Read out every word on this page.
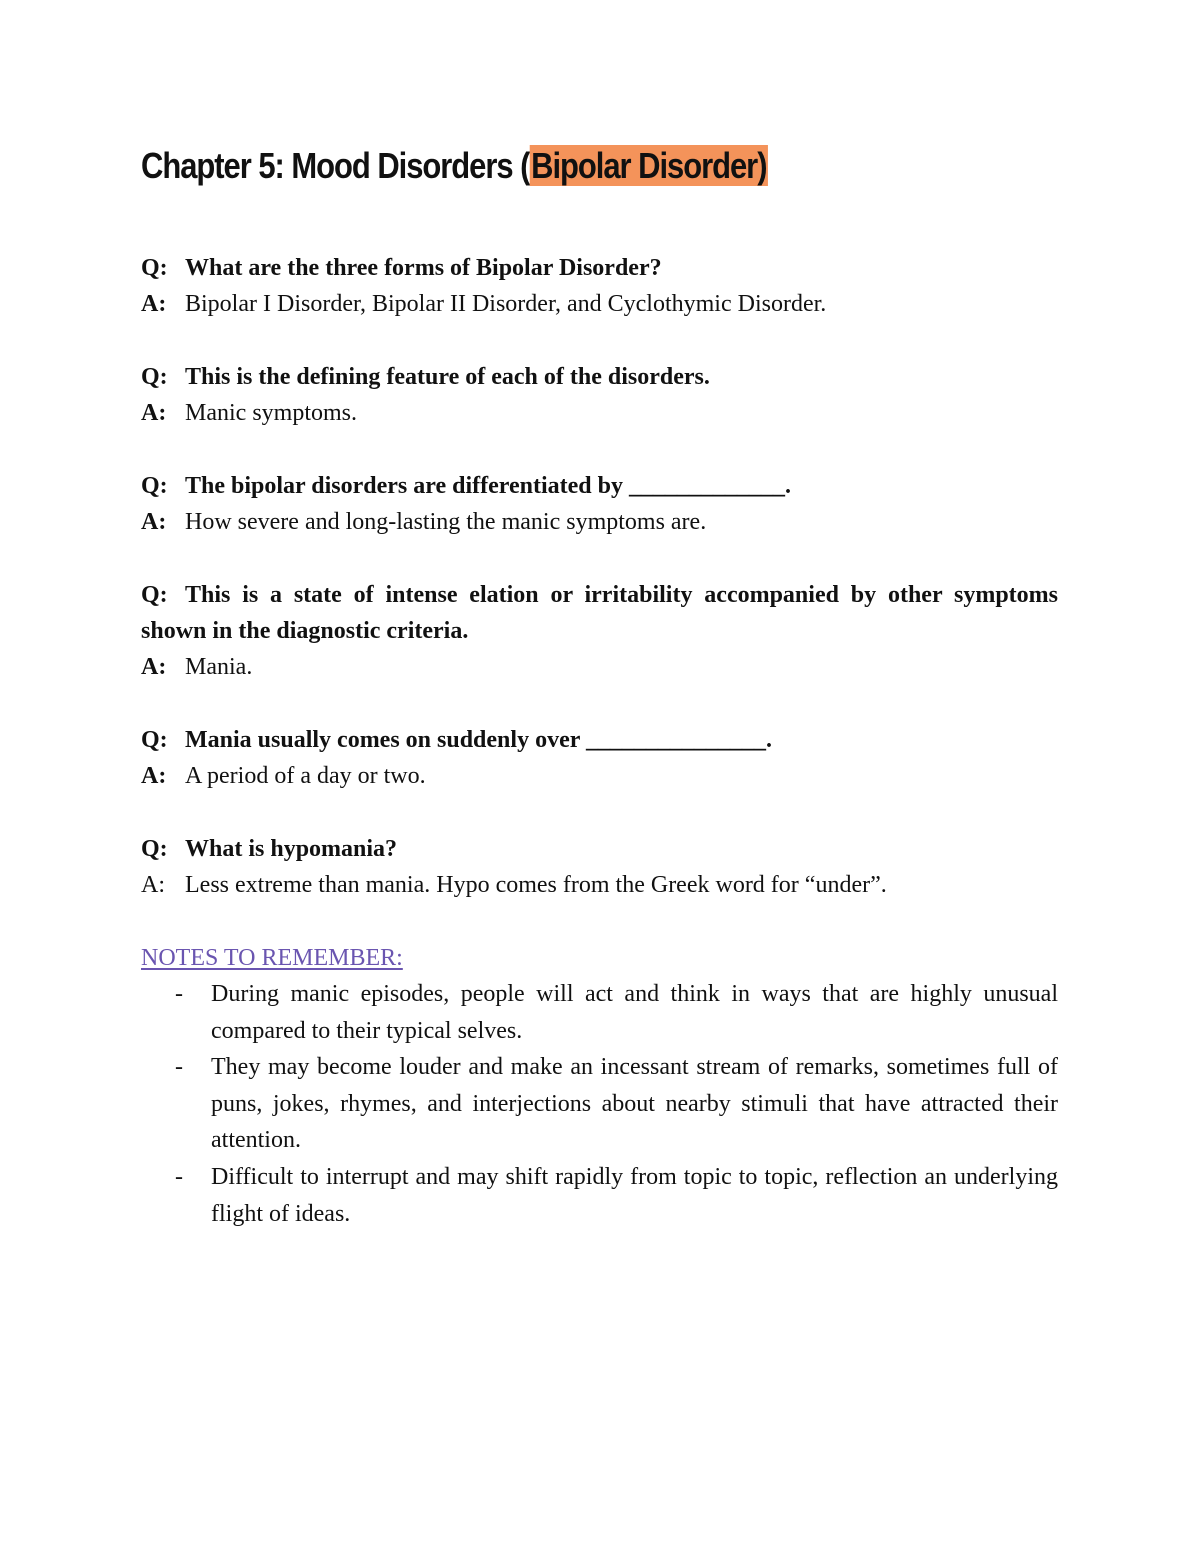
Chapter 5: Mood Disorders (Bipolar Disorder)

Q: What are the three forms of Bipolar Disorder?

A: Bipolar I Disorder, Bipolar II Disorder, and Cyclothymic Disorder.

Q: This is the defining feature of each of the disorders.

A: Manic symptoms.

Q: The bipolar disorders are differentiated by _____________.

A: How severe and long-lasting the manic symptoms are.

Q: This is a state of intense elation or irritability accompanied by other symptoms shown in the diagnostic criteria.

A: Mania.

Q: Mania usually comes on suddenly over _______________.

A: A period of a day or two.

Q: What is hypomania?

A: Less extreme than mania. Hypo comes from the Greek word for “under”.

NOTES TO REMEMBER:
- During manic episodes, people will act and think in ways that are highly unusual compared to their typical selves.
- They may become louder and make an incessant stream of remarks, sometimes full of puns, jokes, rhymes, and interjections about nearby stimuli that have attracted their attention.
- Difficult to interrupt and may shift rapidly from topic to topic, reflection an underlying flight of ideas.
